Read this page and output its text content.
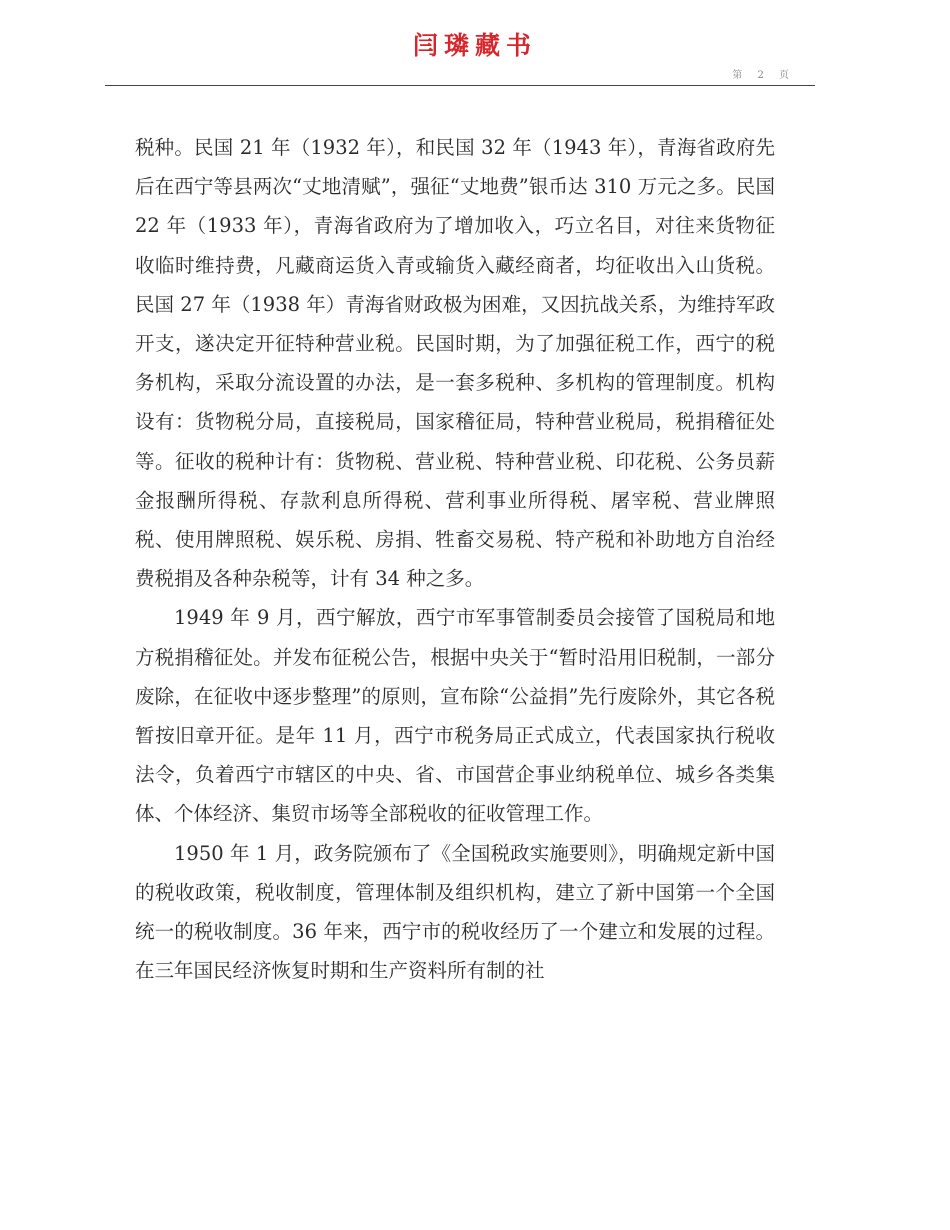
闫璘藏书
第 2 页

税种。民国 21 年（1932 年），和民国 32 年（1943 年），青海省政府先后在西宁等县两次“丈地清赋”，强征“丈地费”银币达 310 万元之多。民国 22 年（1933 年），青海省政府为了增加收入，巧立名目，对往来货物征收临时维持费，凡藏商运货入青或输货入藏经商者，均征收出入山货税。民国 27 年（1938 年）青海省财政极为困难，又因抗战关系，为维持军政开支，遂决定开征特种营业税。民国时期，为了加强征税工作，西宁的税务机构，采取分流设置的办法，是一套多税种、多机构的管理制度。机构设有：货物税分局，直接税局，国家稽征局，特种营业税局，税捐稽征处等。征收的税种计有：货物税、营业税、特种营业税、印花税、公务员薪金报酬所得税、存款利息所得税、营利事业所得税、屠宰税、营业牌照税、使用牌照税、娱乐税、房捐、牲畜交易税、特产税和补助地方自治经费税捐及各种杂税等，计有 34 种之多。

1949 年 9 月，西宁解放，西宁市军事管制委员会接管了国税局和地方税捐稽征处。并发布征税公告，根据中央关于“暂时沿用旧税制，一部分废除，在征收中逐步整理”的原则，宣布除“公益捐”先行废除外，其它各税暂按旧章开征。是年 11 月，西宁市税务局正式成立，代表国家执行税收法令，负着西宁市辖区的中央、省、市国营企事业纳税单位、城乡各类集体、个体经济、集贸市场等全部税收的征收管理工作。

1950 年 1 月，政务院颁布了《全国税政实施要则》，明确规定新中国的税收政策，税收制度，管理体制及组织机构，建立了新中国第一个全国统一的税收制度。36 年来，西宁市的税收经历了一个建立和发展的过程。在三年国民经济恢复时期和生产资料所有制的社
